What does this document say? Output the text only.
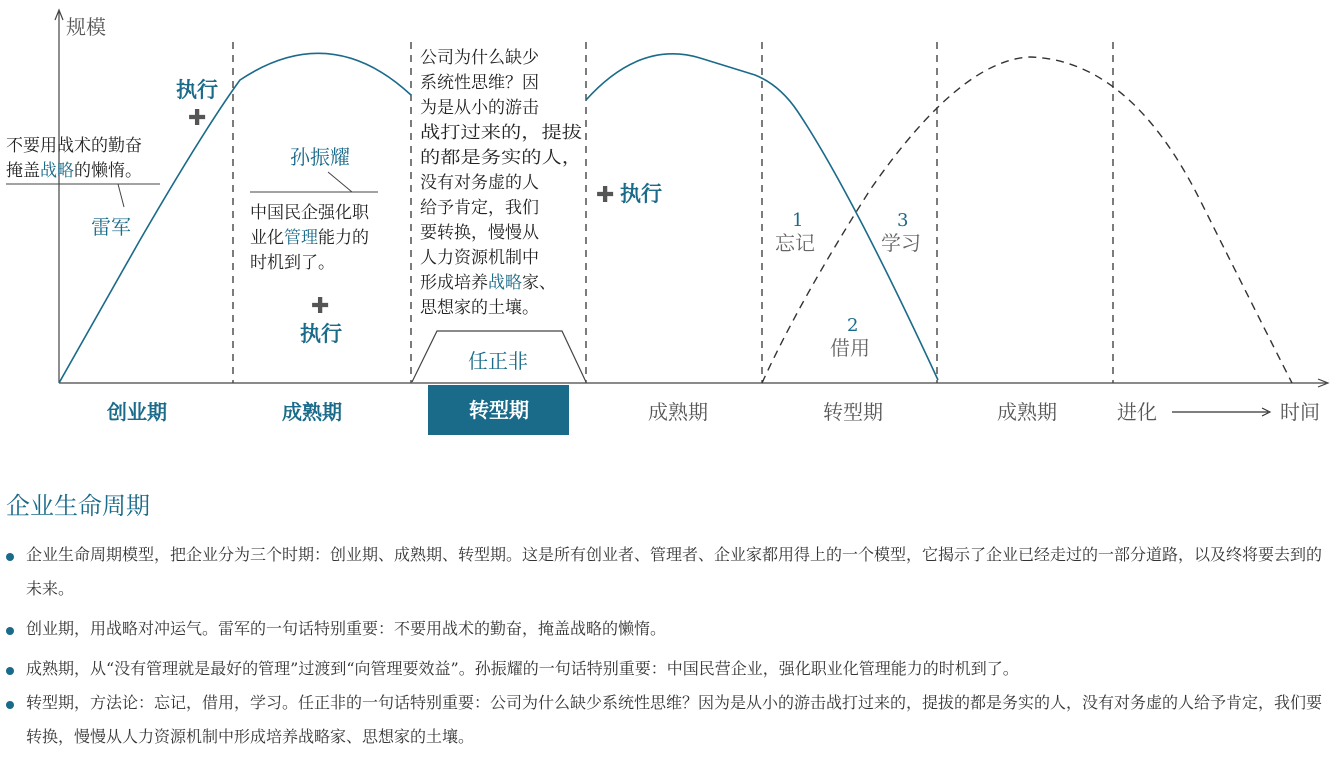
规模
执行
✚
不要用战术的勤奋
掩盖战略的懒惰。
雷军
孙振耀
中国民企强化职
业化管理能力的
时机到了。
✚
执行
公司为什么缺少
系统性思维？因
为是从小的游击
战打过来的，提拔
的都是务实的人，
没有对务虚的人
给予肯定，我们
要转换，慢慢从
人力资源机制中
形成培养战略家、
思想家的土壤。
任正非
✚ 执行
1
忘记
3
学习
2
借用
创业期	成熟期	转型期	成熟期	转型期	成熟期	进化	时间
企业生命周期
企业生命周期模型，把企业分为三个时期：创业期、成熟期、转型期。这是所有创业者、管理者、企业家都用得上的一个模型，它揭示了企业已经走过的一部分道路，以及终将要去到的未来。
创业期，用战略对冲运气。雷军的一句话特别重要：不要用战术的勤奋，掩盖战略的懒惰。
成熟期，从“没有管理就是最好的管理”过渡到“向管理要效益”。孙振耀的一句话特别重要：中国民营企业，强化职业化管理能力的时机到了。
转型期，方法论：忘记，借用，学习。任正非的一句话特别重要：公司为什么缺少系统性思维？因为是从小的游击战打过来的，提拔的都是务实的人，没有对务虚的人给予肯定，我们要转换，慢慢从人力资源机制中形成培养战略家、思想家的土壤。
